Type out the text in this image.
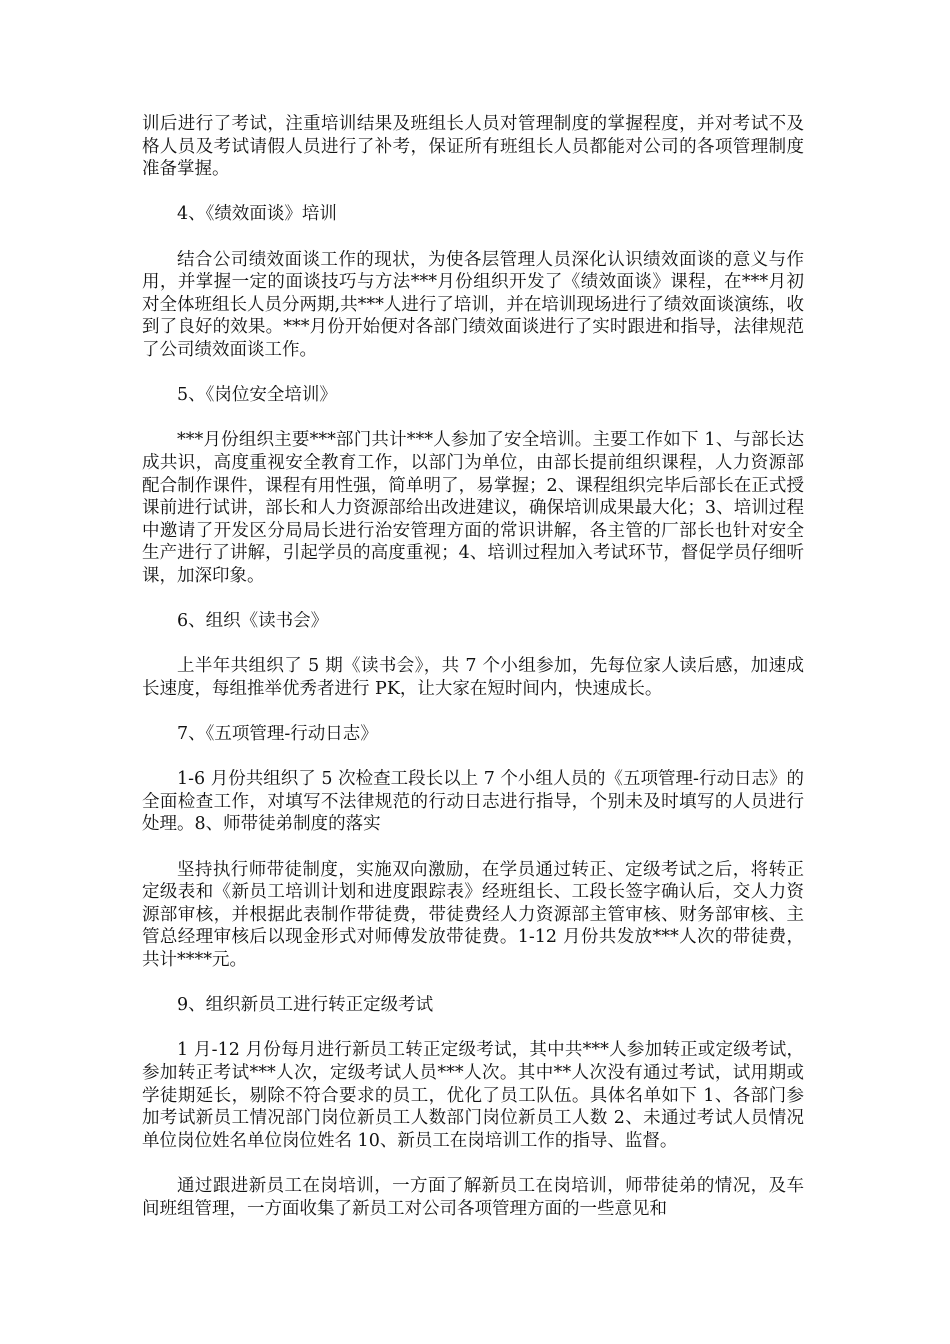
训后进行了考试，注重培训结果及班组长人员对管理制度的掌握程度，并对考试不及格人员及考试请假人员进行了补考，保证所有班组长人员都能对公司的各项管理制度准备掌握。

4、《绩效面谈》培训

结合公司绩效面谈工作的现状，为使各层管理人员深化认识绩效面谈的意义与作用，并掌握一定的面谈技巧与方法***月份组织开发了《绩效面谈》课程，在***月初对全体班组长人员分两期,共***人进行了培训，并在培训现场进行了绩效面谈演练，收到了良好的效果。***月份开始便对各部门绩效面谈进行了实时跟进和指导，法律规范了公司绩效面谈工作。

5、《岗位安全培训》

***月份组织主要***部门共计***人参加了安全培训。主要工作如下 1、与部长达成共识，高度重视安全教育工作，以部门为单位，由部长提前组织课程，人力资源部配合制作课件，课程有用性强，简单明了，易掌握；2、课程组织完毕后部长在正式授课前进行试讲，部长和人力资源部给出改进建议，确保培训成果最大化；3、培训过程中邀请了开发区分局局长进行治安管理方面的常识讲解，各主管的厂部长也针对安全生产进行了讲解，引起学员的高度重视；4、培训过程加入考试环节，督促学员仔细听课，加深印象。

6、组织《读书会》

上半年共组织了 5 期《读书会》，共 7 个小组参加，先每位家人读后感，加速成长速度，每组推举优秀者进行 PK，让大家在短时间内，快速成长。

7、《五项管理-行动日志》

1-6 月份共组织了 5 次检查工段长以上 7 个小组人员的《五项管理-行动日志》的全面检查工作，对填写不法律规范的行动日志进行指导，个别未及时填写的人员进行处理。8、师带徒弟制度的落实

坚持执行师带徒制度，实施双向激励，在学员通过转正、定级考试之后，将转正定级表和《新员工培训计划和进度跟踪表》经班组长、工段长签字确认后，交人力资源部审核，并根据此表制作带徒费，带徒费经人力资源部主管审核、财务部审核、主管总经理审核后以现金形式对师傅发放带徒费。1-12 月份共发放***人次的带徒费，共计****元。

9、组织新员工进行转正定级考试

1 月-12 月份每月进行新员工转正定级考试，其中共***人参加转正或定级考试，参加转正考试***人次，定级考试人员***人次。其中**人次没有通过考试，试用期或学徒期延长，剔除不符合要求的员工，优化了员工队伍。具体名单如下 1、各部门参加考试新员工情况部门岗位新员工人数部门岗位新员工人数 2、未通过考试人员情况单位岗位姓名单位岗位姓名 10、新员工在岗培训工作的指导、监督。

通过跟进新员工在岗培训，一方面了解新员工在岗培训，师带徒弟的情况，及车间班组管理，一方面收集了新员工对公司各项管理方面的一些意见和
